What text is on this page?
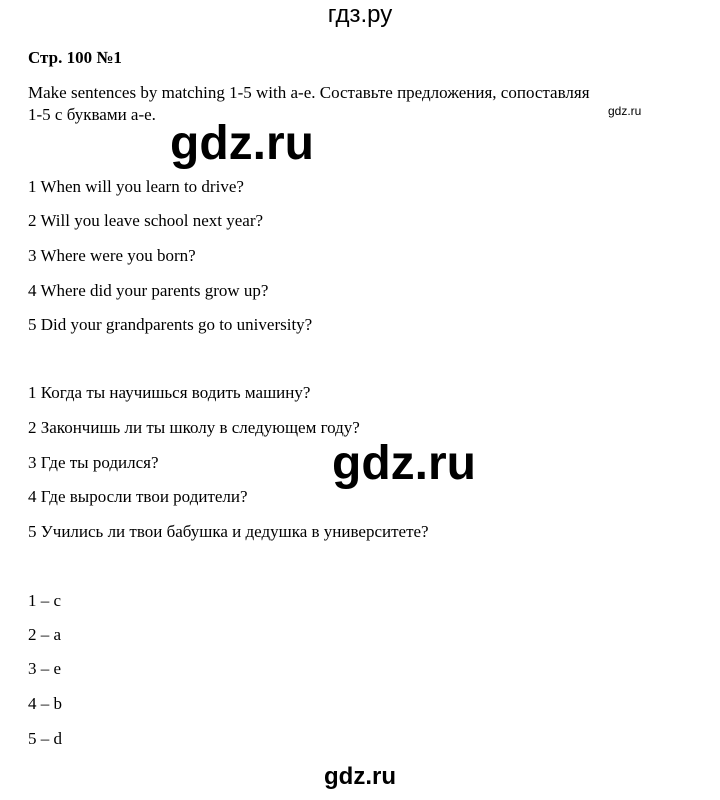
гдз.ру
Стр. 100 №1
Make sentences by matching 1-5 with a-e. Составьте предложения, сопоставляя
1-5 с буквами a-e.
gdz.ru
gdz.ru
1 When will you learn to drive?
2 Will you leave school next year?
3 Where were you born?
4 Where did your parents grow up?
5 Did your grandparents go to university?
1 Когда ты научишься водить машину?
2 Закончишь ли ты школу в следующем году?
3 Где ты родился?
4 Где выросли твои родители?
5 Учились ли твои бабушка и дедушка в университете?
gdz.ru
1 – c
2 – a
3 – e
4 – b
5 – d
gdz.ru
